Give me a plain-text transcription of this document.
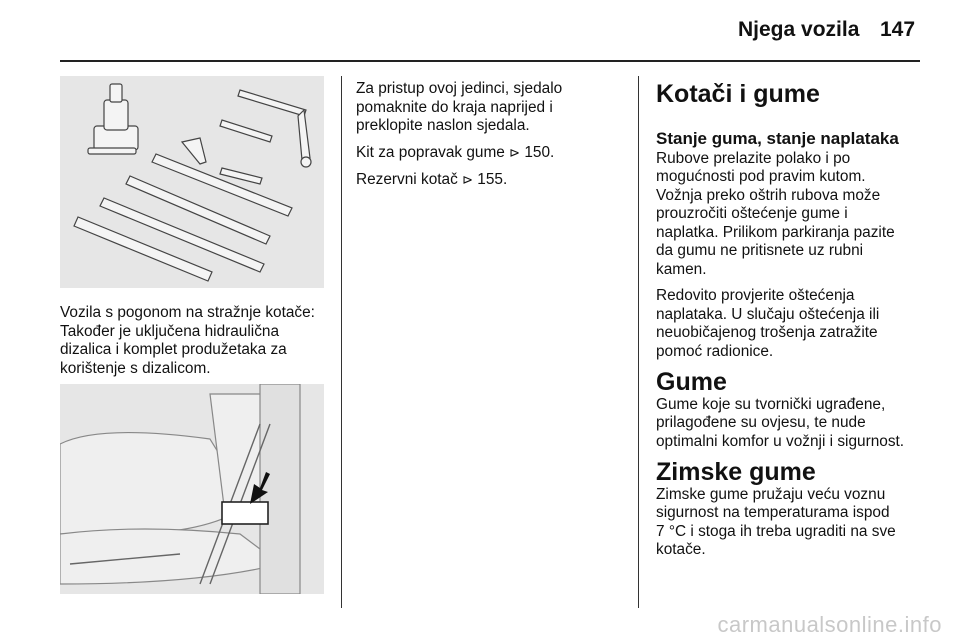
Njega vozila 147
Vozila s pogonom na stražnje kotače:
Također je uključena hidraulična
dizalica i komplet produžetaka za
korištenje s dizalicom.

Za pristup ovoj jedinci, sjedalo
pomaknite do kraja naprijed i
preklopite naslon sjedala.

Kit za popravak gume ⊳ 150.

Rezervni kotač ⊳ 155.

Kotači i gume
Stanje guma, stanje naplataka

Rubove prelazite polako i po
mogućnosti pod pravim kutom.
Vožnja preko oštrih rubova može
prouzročiti oštećenje gume i
naplatka. Prilikom parkiranja pazite
da gumu ne pritisnete uz rubni
kamen.

Redovito provjerite oštećenja
naplataka. U slučaju oštećenja ili
neuobičajenog trošenja zatražite
pomoć radionice.

Gume

Gume koje su tvornički ugrađene,
prilagođene su ovjesu, te nude
optimalni komfor u vožnji i sigurnost.

Zimske gume

Zimske gume pružaju veću voznu
sigurnost na temperaturama ispod
7 °C i stoga ih treba ugraditi na sve
kotače.

carmanualsonline.info
